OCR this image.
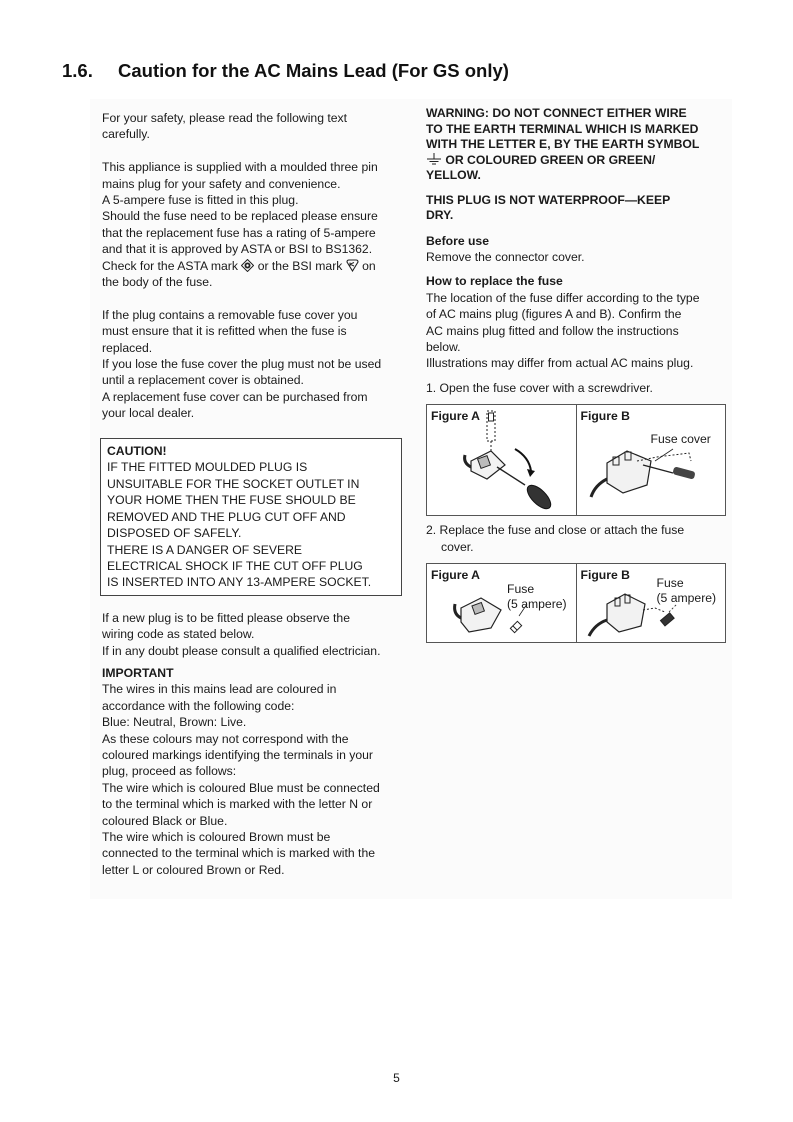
1.6. Caution for the AC Mains Lead (For GS only)
For your safety, please read the following text
carefully.
This appliance is supplied with a moulded three pin
mains plug for your safety and convenience.
A 5-ampere fuse is fitted in this plug.
Should the fuse need to be replaced please ensure
that the replacement fuse has a rating of 5-ampere
and that it is approved by ASTA or BSI to BS1362.
Check for the ASTA mark or the BSI mark on
the body of the fuse.
If the plug contains a removable fuse cover you
must ensure that it is refitted when the fuse is
replaced.
If you lose the fuse cover the plug must not be used
until a replacement cover is obtained.
A replacement fuse cover can be purchased from
your local dealer.
CAUTION!
IF THE FITTED MOULDED PLUG IS
UNSUITABLE FOR THE SOCKET OUTLET IN
YOUR HOME THEN THE FUSE SHOULD BE
REMOVED AND THE PLUG CUT OFF AND
DISPOSED OF SAFELY.
THERE IS A DANGER OF SEVERE
ELECTRICAL SHOCK IF THE CUT OFF PLUG
IS INSERTED INTO ANY 13-AMPERE SOCKET.
If a new plug is to be fitted please observe the
wiring code as stated below.
If in any doubt please consult a qualified electrician.
IMPORTANT
The wires in this mains lead are coloured in
accordance with the following code:
Blue: Neutral, Brown: Live.
As these colours may not correspond with the
coloured markings identifying the terminals in your
plug, proceed as follows:
The wire which is coloured Blue must be connected
to the terminal which is marked with the letter N or
coloured Black or Blue.
The wire which is coloured Brown must be
connected to the terminal which is marked with the
letter L or coloured Brown or Red.
WARNING: DO NOT CONNECT EITHER WIRE
TO THE EARTH TERMINAL WHICH IS MARKED
WITH THE LETTER E, BY THE EARTH SYMBOL
OR COLOURED GREEN OR GREEN/
YELLOW.
THIS PLUG IS NOT WATERPROOF—KEEP
DRY.
Before use
Remove the connector cover.
How to replace the fuse
The location of the fuse differ according to the type
of AC mains plug (figures A and B). Confirm the
AC mains plug fitted and follow the instructions
below.
Illustrations may differ from actual AC mains plug.
1. Open the fuse cover with a screwdriver.
Figure A	Figure B
Fuse cover
2. Replace the fuse and close or attach the fuse
cover.
Figure A
Fuse
(5 ampere)
Figure B
Fuse
(5 ampere)
5
